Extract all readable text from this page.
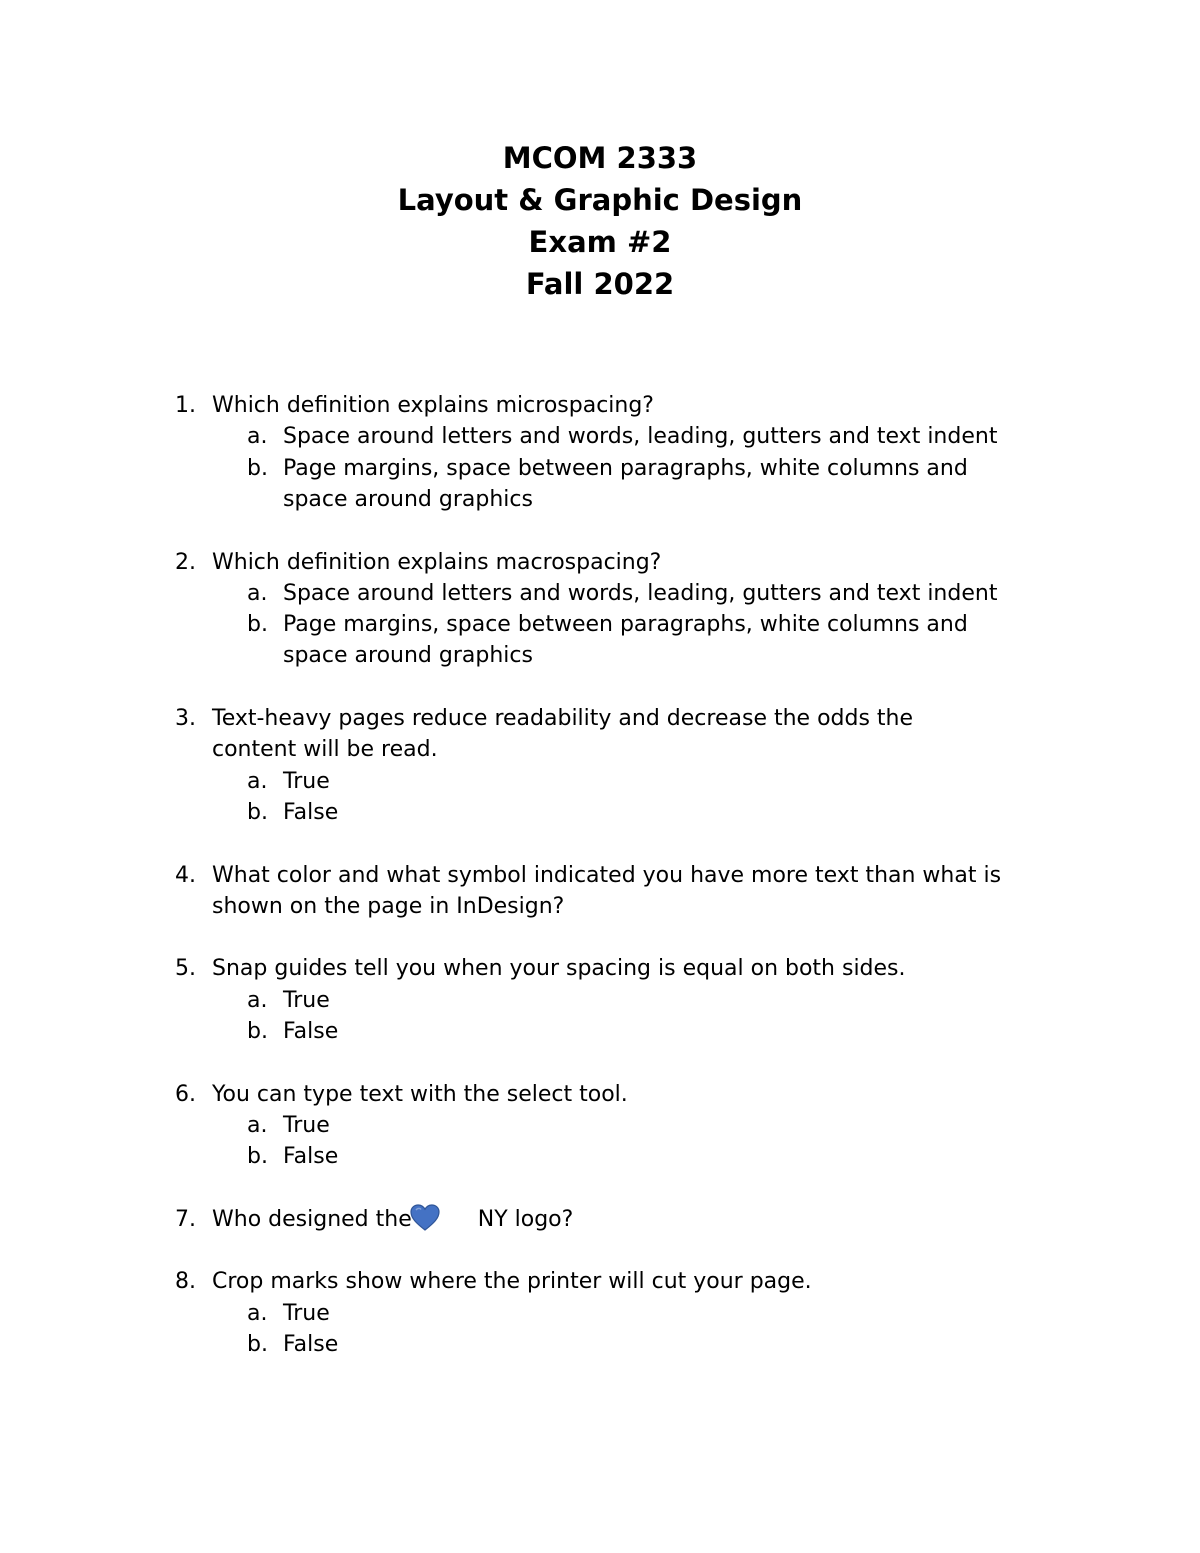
MCOM 2333
Layout & Graphic Design
Exam #2
Fall 2022
1. Which definition explains microspacing?
a. Space around letters and words, leading, gutters and text indent
b. Page margins, space between paragraphs, white columns and
space around graphics
2. Which definition explains macrospacing?
a. Space around letters and words, leading, gutters and text indent
b. Page margins, space between paragraphs, white columns and
space around graphics
3. Text-heavy pages reduce readability and decrease the odds the
content will be read.
a. True
b. False
4. What color and what symbol indicated you have more text than what is
shown on the page in InDesign?
5. Snap guides tell you when your spacing is equal on both sides.
a. True
b. False
6. You can type text with the select tool.
a. True
b. False
7. Who designed the	NY logo?
8. Crop marks show where the printer will cut your page.
a. True
b. False
